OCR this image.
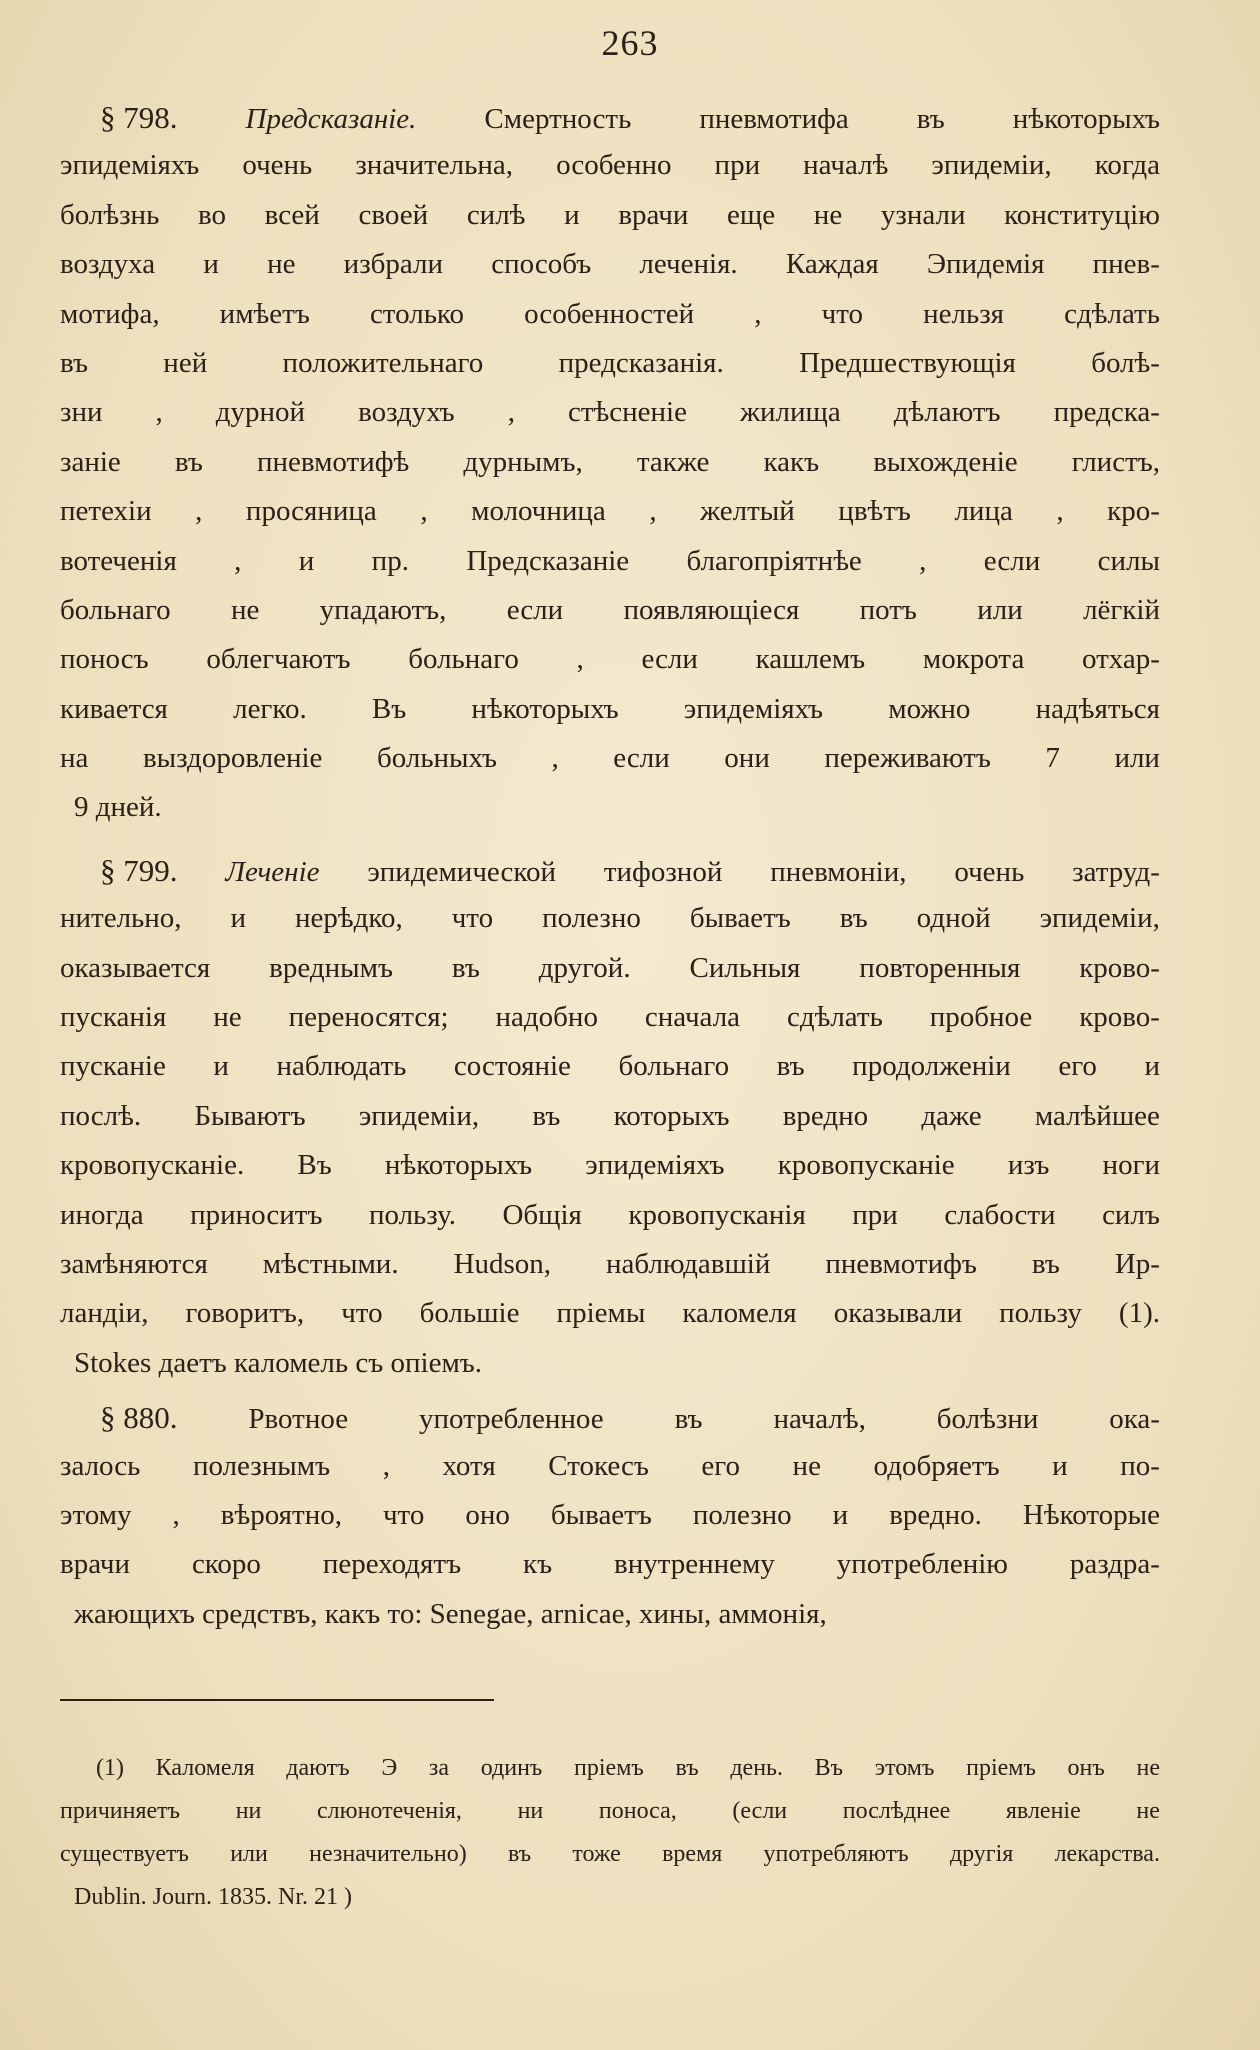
263
§ 798. Предсказаніе. Смертность пневмотифа въ нѣкоторыхъ
эпидеміяхъ очень значительна, особенно при началѣ эпидеміи, когда
болѣзнь во всей своей силѣ и врачи еще не узнали конституцію
воздуха и не избрали способъ леченія. Каждая Эпидемія пнев-
мотифа, имѣетъ столько особенностей , что нельзя сдѣлать
въ	ней	положительнаго	предсказанія.	Предшествующія	болѣ-
зни , дурной воздухъ , стѣсненіе жилища дѣлаютъ предска-
заніе въ пневмотифѣ дурнымъ, также какъ выхожденіе глистъ,
петехіи , просяница , молочница , желтый цвѣтъ лица , кро-
вотеченія , и пр. Предсказаніе благопріятнѣе , если силы
больнаго не упадаютъ, если появляющіеся потъ или лёгкій
поносъ облегчаютъ больнаго , если кашлемъ мокрота отхар-
кивается легко. Въ нѣкоторыхъ эпидеміяхъ можно надѣяться
на выздоровленіе больныхъ , если они переживаютъ 7 или
9 дней.
§ 799. Леченіе эпидемической тифозной пневмоніи, очень затруд-
нительно, и нерѣдко, что полезно бываетъ въ одной эпидеміи,
оказывается вреднымъ въ другой. Сильныя повторенныя крово-
пусканія не переносятся; надобно сначала сдѣлать пробное крово-
пусканіе и наблюдать состояніе больнаго въ продолженіи его и
послѣ. Бываютъ эпидеміи, въ которыхъ вредно даже малѣйшее
кровопусканіе. Въ нѣкоторыхъ эпидеміяхъ кровопусканіе изъ ноги
иногда приноситъ пользу. Общія кровопусканія при слабости силъ
замѣняются мѣстными. Hudson, наблюдавшій пневмотифъ въ Ир-
ландіи, говоритъ, что большіе пріемы каломеля оказывали пользу (1).
Stokes даетъ каломель съ опіемъ.
§ 880. Рвотное употребленное въ началѣ, болѣзни ока-
залось полезнымъ , хотя Стокесъ его не одобряетъ и по-
этому , вѣроятно, что оно бываетъ полезно и вредно. Нѣкоторые
врачи скоро переходятъ къ внутреннему употребленію раздра-
жающихъ средствъ, какъ то: Senegae, arnicae, хины, аммонія,
(1) Каломеля даютъ Э за одинъ пріемъ въ день. Въ этомъ пріемъ онъ не
причиняетъ ни слюнотеченія, ни поноса, (если послѣднее явленіе не
существуетъ или незначительно) въ тоже время употребляютъ другія лекарства.
Dublin. Journ. 1835. Nr. 21 )
